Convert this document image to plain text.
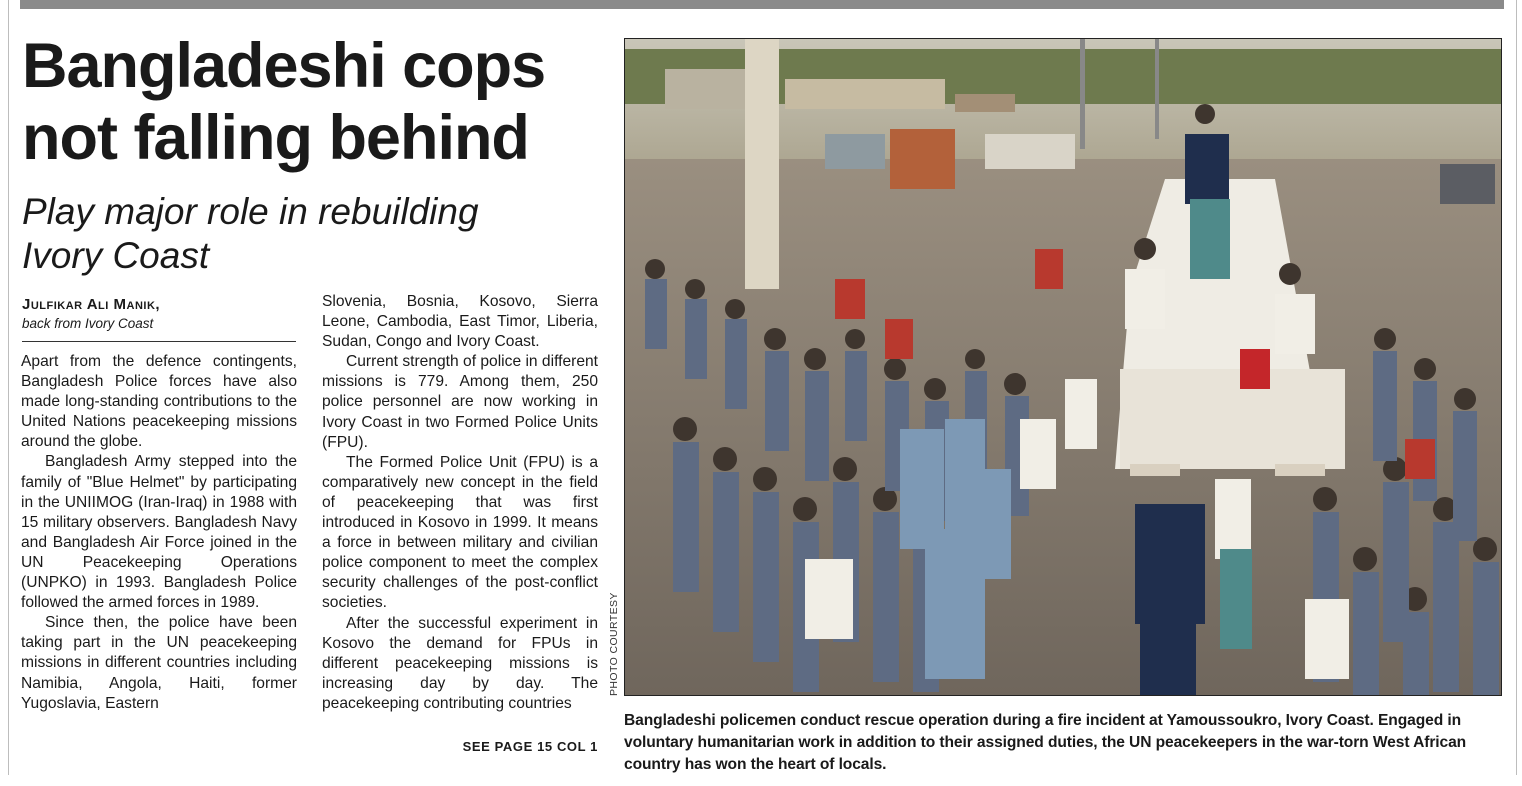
Bangladeshi cops
not falling behind
Play major role in rebuilding
Ivory Coast
Julfikar Ali Manik,
back from Ivory Coast

Apart from the defence contingents, Bangladesh Police forces have also made long-standing contributions to the United Nations peacekeeping missions around the globe.

Bangladesh Army stepped into the family of "Blue Helmet" by participating in the UNIIMOG (Iran-Iraq) in 1988 with 15 military observers. Bangladesh Navy and Bangladesh Air Force joined in the UN Peacekeeping Operations (UNPKO) in 1993. Bangladesh Police followed the armed forces in 1989.

Since then, the police have been taking part in the UN peacekeeping missions in different countries including Namibia, Angola, Haiti, former Yugoslavia, Eastern

Slovenia, Bosnia, Kosovo, Sierra Leone, Cambodia, East Timor, Liberia, Sudan, Congo and Ivory Coast.

Current strength of police in different missions is 779. Among them, 250 police personnel are now working in Ivory Coast in two Formed Police Units (FPU).

The Formed Police Unit (FPU) is a comparatively new concept in the field of peacekeeping that was first introduced in Kosovo in 1999. It means a force in between military and civilian police component to meet the complex security challenges of the post-conflict societies.

After the successful experiment in Kosovo the demand for FPUs in different peacekeeping missions is increasing day by day. The peacekeeping contributing countries

SEE PAGE 15 COL 1
PHOTO COURTESY

Bangladeshi policemen conduct rescue operation during a fire incident at Yamoussoukro, Ivory Coast. Engaged in voluntary humanitarian work in addition to their assigned duties, the UN peacekeepers in the war-torn West African country has won the heart of locals.
